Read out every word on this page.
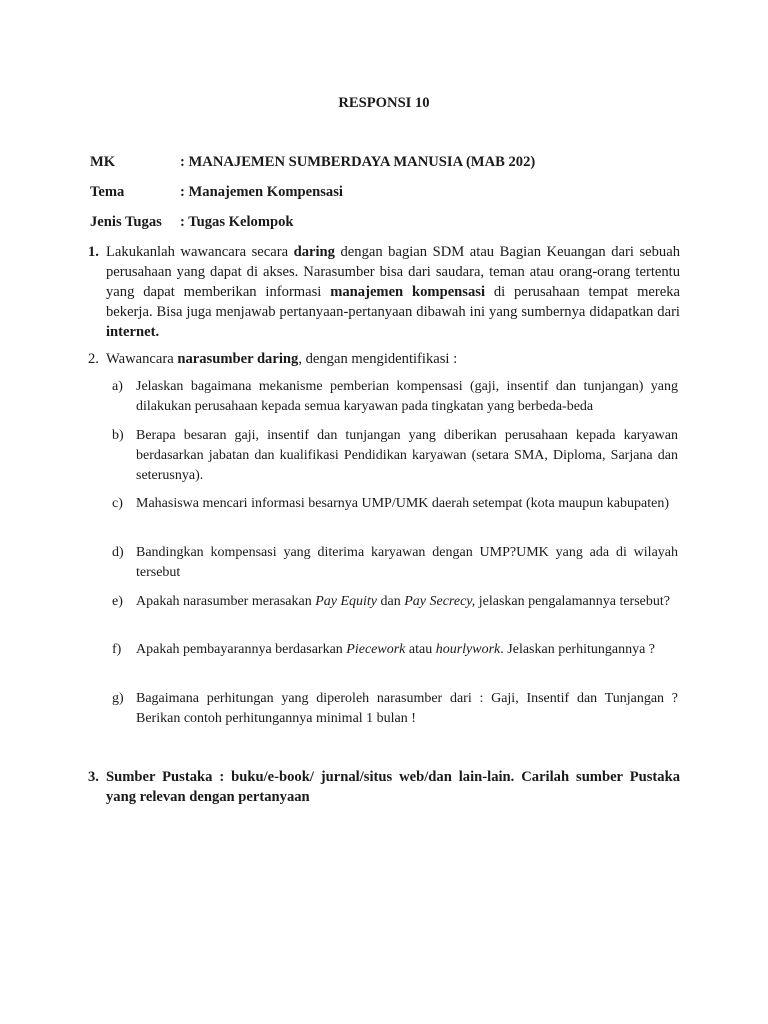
RESPONSI 10
MK	: MANAJEMEN SUMBERDAYA MANUSIA (MAB 202)
Tema	: Manajemen Kompensasi
Jenis Tugas : Tugas Kelompok
1. Lakukanlah wawancara secara daring dengan bagian SDM atau Bagian Keuangan dari sebuah perusahaan yang dapat di akses. Narasumber bisa dari saudara, teman atau orang-orang tertentu yang dapat memberikan informasi manajemen kompensasi di perusahaan tempat mereka bekerja. Bisa juga menjawab pertanyaan-pertanyaan dibawah ini yang sumbernya didapatkan dari internet.
2. Wawancara narasumber daring, dengan mengidentifikasi :
a) Jelaskan bagaimana mekanisme pemberian kompensasi (gaji, insentif dan tunjangan) yang dilakukan perusahaan kepada semua karyawan pada tingkatan yang berbeda-beda
b) Berapa besaran gaji, insentif dan tunjangan yang diberikan perusahaan kepada karyawan berdasarkan jabatan dan kualifikasi Pendidikan karyawan (setara SMA, Diploma, Sarjana dan seterusnya).
c) Mahasiswa mencari informasi besarnya UMP/UMK daerah setempat (kota maupun kabupaten)
d) Bandingkan kompensasi yang diterima karyawan dengan UMP?UMK yang ada di wilayah tersebut
e) Apakah narasumber merasakan Pay Equity dan Pay Secrecy, jelaskan pengalamannya tersebut?
f)	Apakah pembayarannya berdasarkan Piecework atau hourlywork. Jelaskan perhitungannya ?
g) Bagaimana perhitungan yang diperoleh narasumber dari : Gaji, Insentif dan Tunjangan ? Berikan contoh perhitungannya minimal 1 bulan !
3. Sumber Pustaka : buku/e-book/ jurnal/situs web/dan lain-lain. Carilah sumber Pustaka yang relevan dengan pertanyaan
